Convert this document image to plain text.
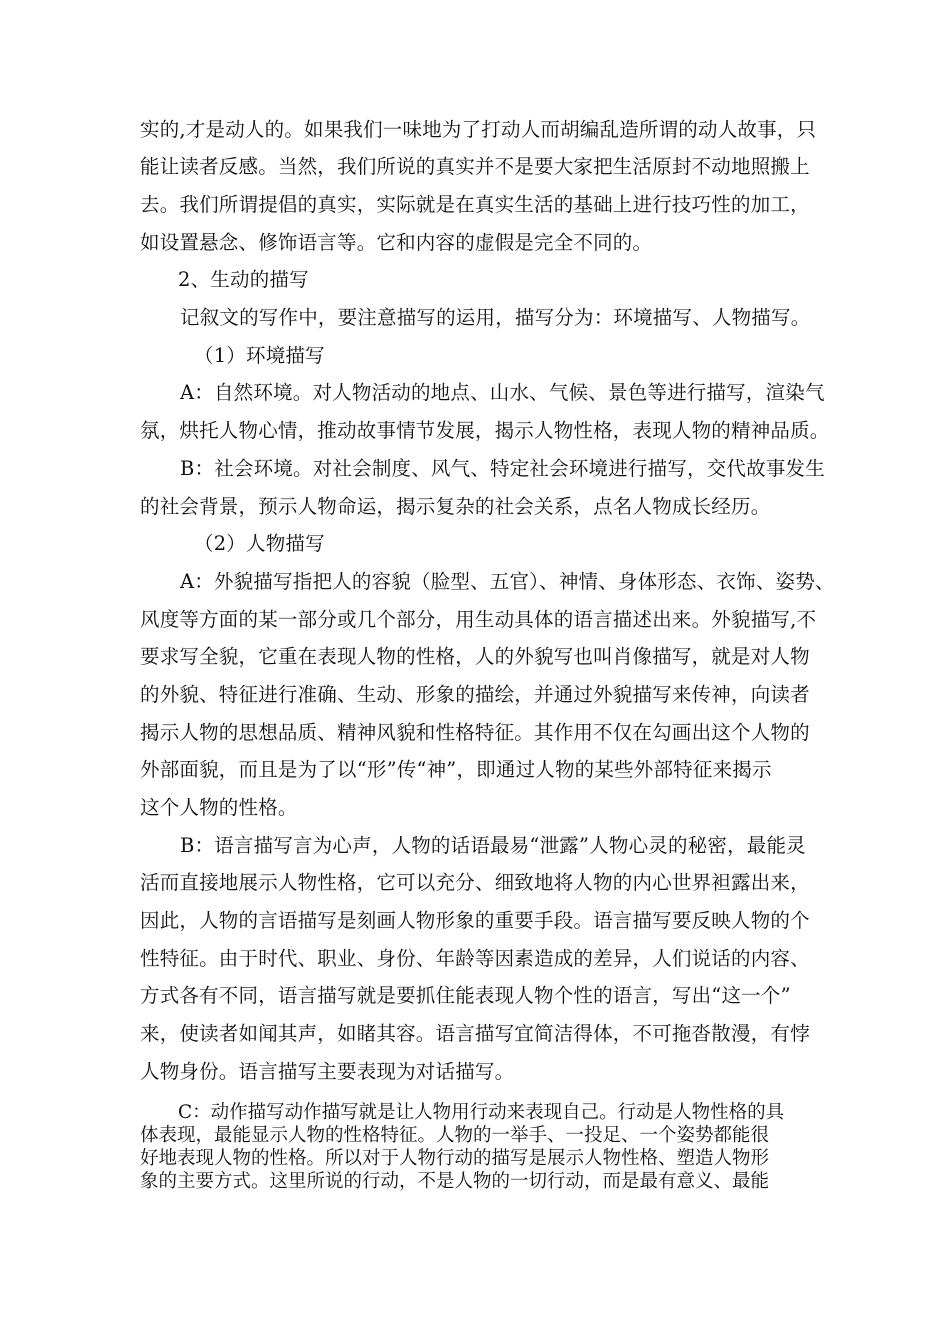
实的,才是动人的。如果我们一味地为了打动人而胡编乱造所谓的动人故事，只
能让读者反感。当然，我们所说的真实并不是要大家把生活原封不动地照搬上
去。我们所谓提倡的真实，实际就是在真实生活的基础上进行技巧性的加工，
如设置悬念、修饰语言等。它和内容的虚假是完全不同的。
2、生动的描写
记叙文的写作中，要注意描写的运用，描写分为：环境描写、人物描写。
（1）环境描写
A：自然环境。对人物活动的地点、山水、气候、景色等进行描写，渲染气
氛，烘托人物心情，推动故事情节发展，揭示人物性格，表现人物的精神品质。
B：社会环境。对社会制度、风气、特定社会环境进行描写，交代故事发生
的社会背景，预示人物命运，揭示复杂的社会关系，点名人物成长经历。
（2）人物描写
A：外貌描写指把人的容貌（脸型、五官）、神情、身体形态、衣饰、姿势、
风度等方面的某一部分或几个部分，用生动具体的语言描述出来。外貌描写,不
要求写全貌，它重在表现人物的性格，人的外貌写也叫肖像描写，就是对人物
的外貌、特征进行准确、生动、形象的描绘，并通过外貌描写来传神，向读者
揭示人物的思想品质、精神风貌和性格特征。其作用不仅在勾画出这个人物的
外部面貌，而且是为了以“形”传“神”，即通过人物的某些外部特征来揭示
这个人物的性格。
B：语言描写言为心声，人物的话语最易“泄露”人物心灵的秘密，最能灵
活而直接地展示人物性格，它可以充分、细致地将人物的内心世界袒露出来，
因此，人物的言语描写是刻画人物形象的重要手段。语言描写要反映人物的个
性特征。由于时代、职业、身份、年龄等因素造成的差异，人们说话的内容、
方式各有不同，语言描写就是要抓住能表现人物个性的语言，写出“这一个”
来，使读者如闻其声，如睹其容。语言描写宜简洁得体，不可拖沓散漫，有悖
人物身份。语言描写主要表现为对话描写。
C：动作描写动作描写就是让人物用行动来表现自己。行动是人物性格的具
体表现，最能显示人物的性格特征。人物的一举手、一投足、一个姿势都能很
好地表现人物的性格。所以对于人物行动的描写是展示人物性格、塑造人物形
象的主要方式。这里所说的行动，不是人物的一切行动，而是最有意义、最能
